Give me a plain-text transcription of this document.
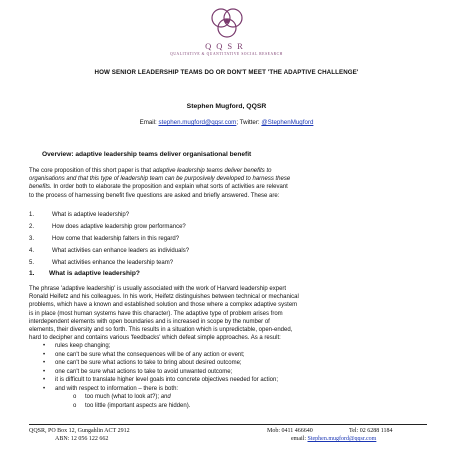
QQSR
QUALITATIVE & QUANTITATIVE SOCIAL RESEARCH
HOW SENIOR LEADERSHIP TEAMS DO OR DON'T MEET 'THE ADAPTIVE CHALLENGE'
Stephen Mugford, QQSR
Email: stephen.mugford@qqsr.com; Twitter: @StephenMugford
Overview: adaptive leadership teams deliver organisational benefit

The core proposition of this short paper is that adaptive leadership teams deliver benefits to

organisations and that this type of leadership team can be purposively developed to harness these

benefits. In order both to elaborate the proposition and explain what sorts of activities are relevant

to the process of harnessing benefit five questions are asked and briefly answered. These are:

1.	What is adaptive leadership?
2.	How does adaptive leadership grow performance?
3.	How come that leadership falters in this regard?
4.	What activities can enhance leaders as individuals?
5.	What activities enhance the leadership team?
1. What is adaptive leadership?

The phrase 'adaptive leadership' is usually associated with the work of Harvard leadership expert

Ronald Heifetz and his colleagues. In his work, Heifetz distinguishes between technical or mechanical

problems, which have a known and established solution and those where a complex adaptive system

is in place (most human systems have this character). The adaptive type of problem arises from

interdependent elements with open boundaries and is increased in scope by the number of

elements, their diversity and so forth. This results in a situation which is unpredictable, open-ended,

hard to decipher and contains various 'feedbacks' which defeat simple approaches. As a result:

• rules keep changing;
• one can't be sure what the consequences will be of any action or event;
• one can't be sure what actions to take to bring about desired outcome;
• one can't be sure what actions to take to avoid unwanted outcome;
• it is difficult to translate higher level goals into concrete objectives needed for action;
• and with respect to information – there is both:
o too much (what to look at?); and
o too little (important aspects are hidden).
QQSR, PO Box 12, Gungahlin ACT 2912
ABN: 12 056 122 662
Mob: 0411 466640	Tel: 02 6288 1184
email: Stephen.mugford@qqsr.com
